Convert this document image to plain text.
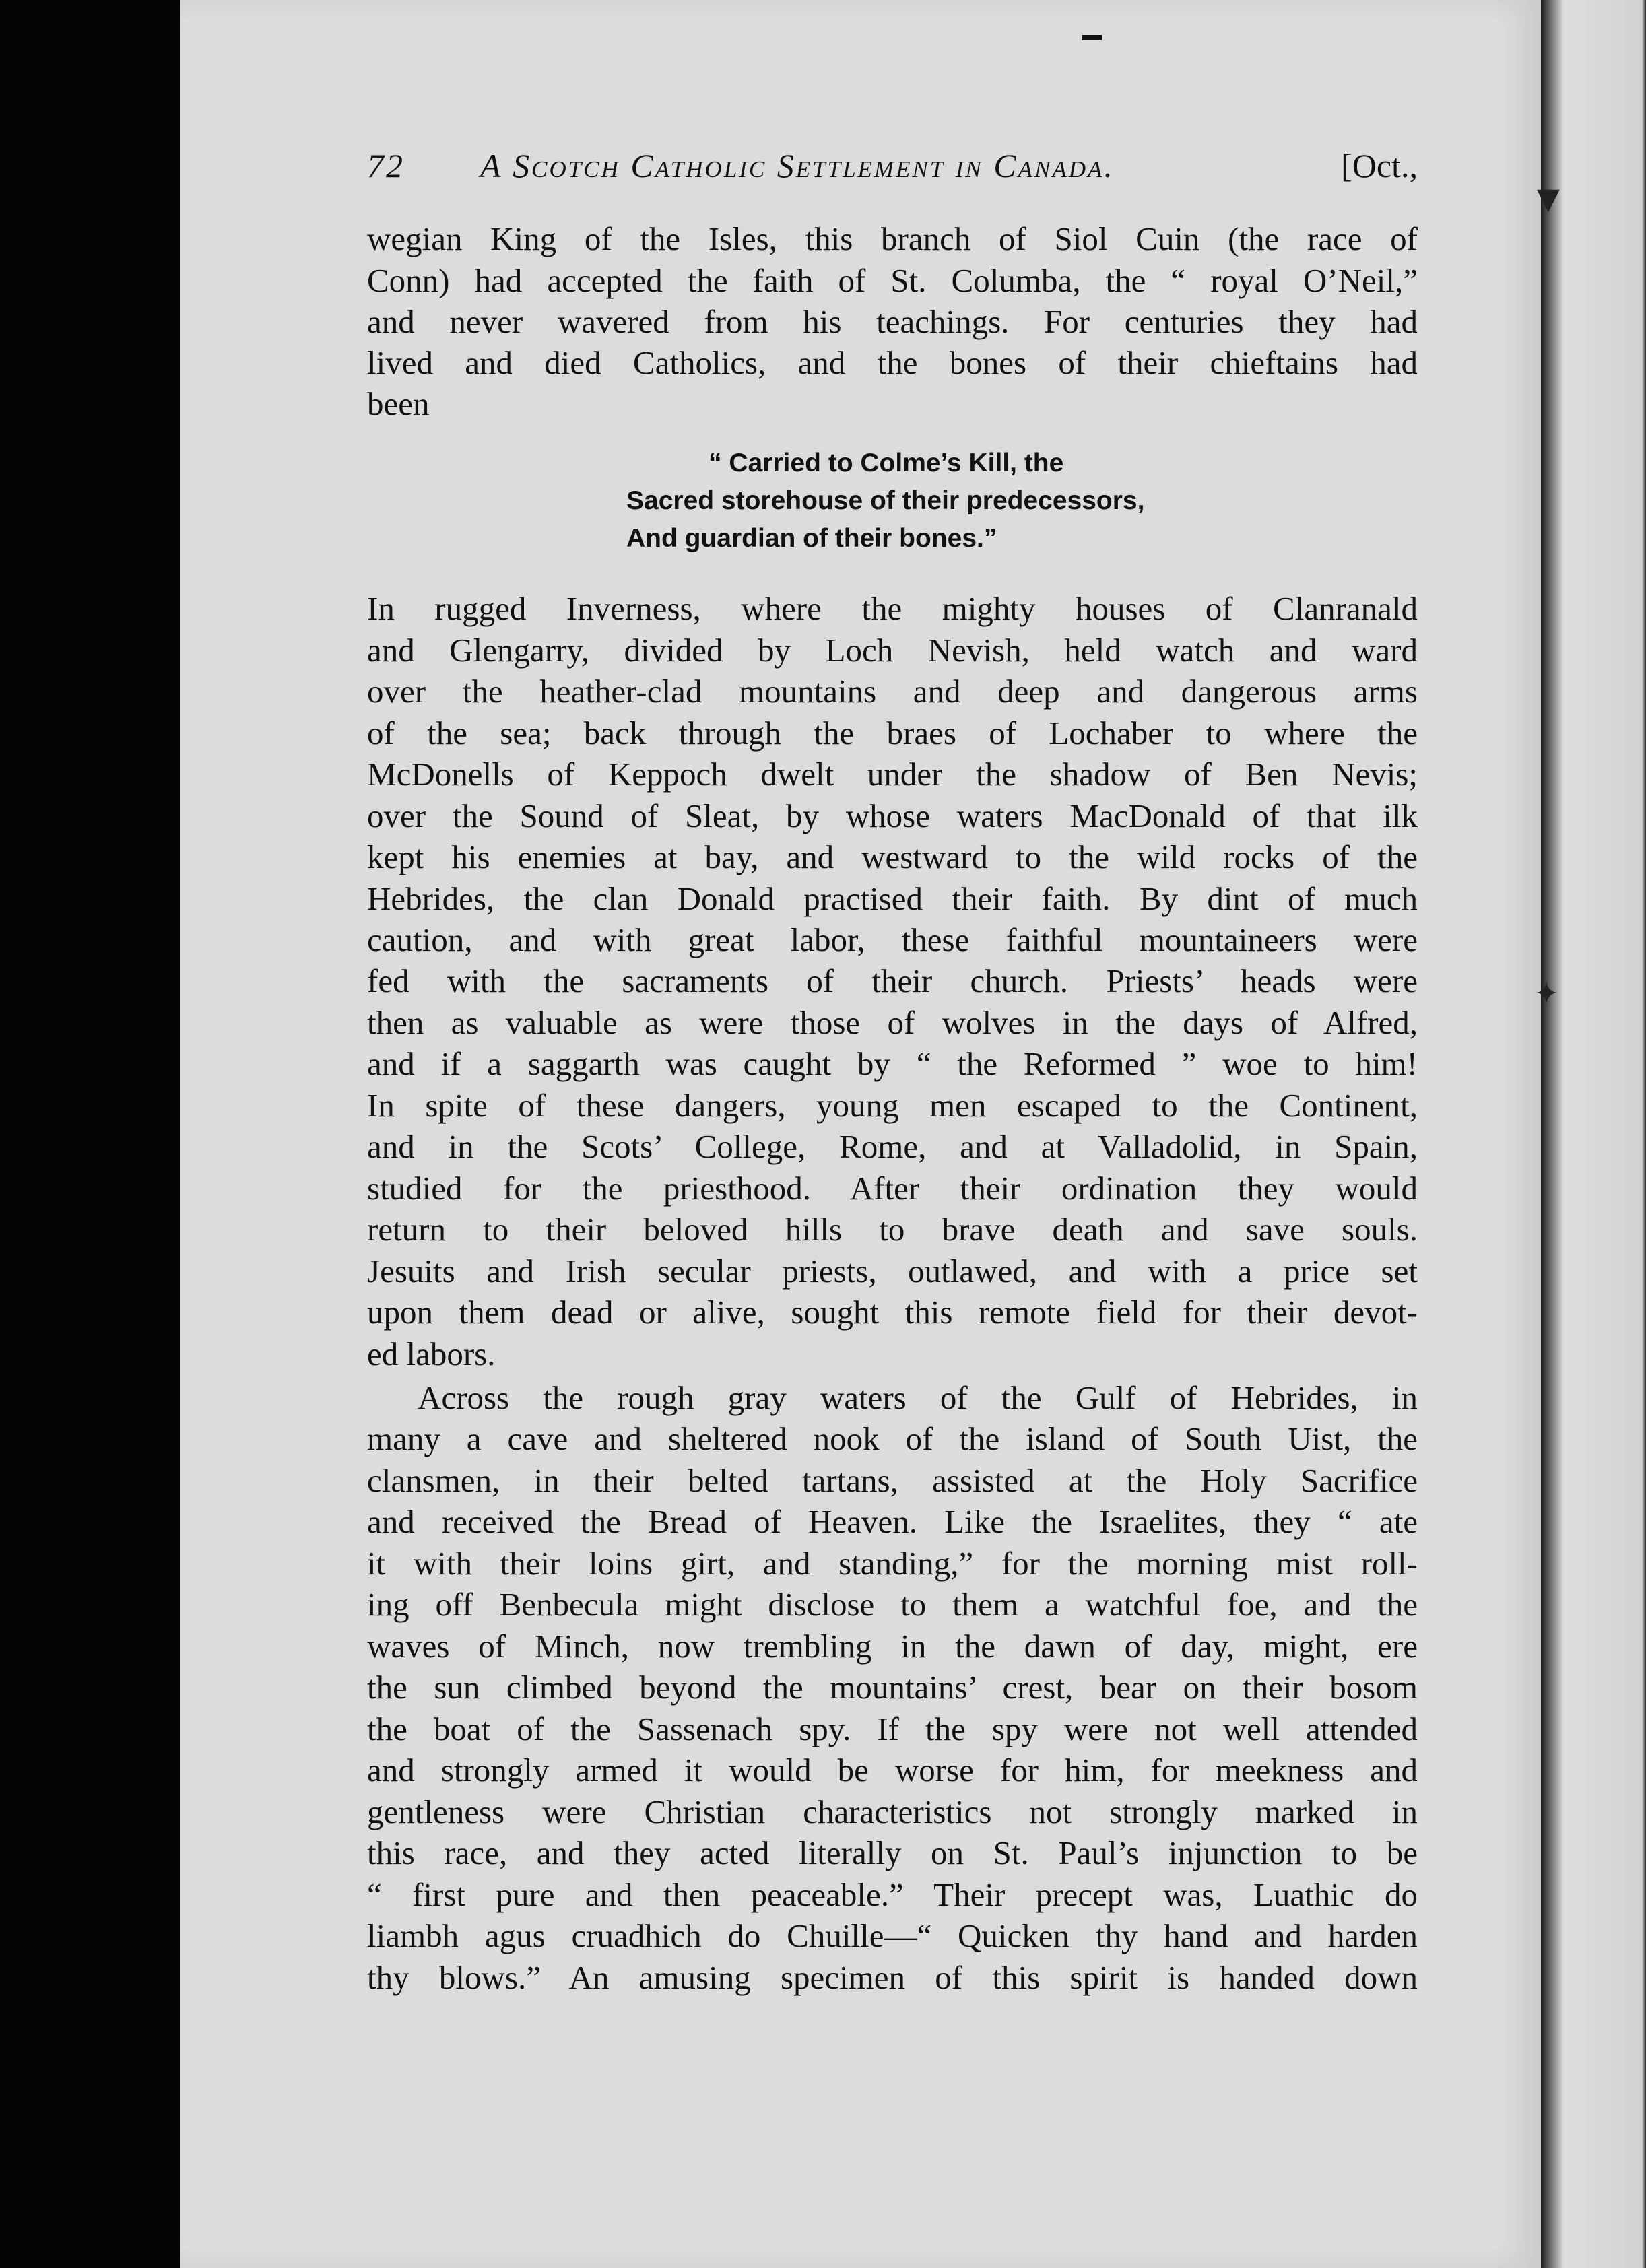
▼
✦
72 A Scotch Catholic Settlement in Canada.	[Oct.,
wegian King of the Isles, this branch of Siol Cuin (the race of
Conn) had accepted the faith of St. Columba, the “ royal O’Neil,”
and never wavered from his teachings. For centuries they had
lived and died Catholics, and the bones of their chieftains had
been
“ Carried to Colme’s Kill, the
Sacred storehouse of their predecessors,
And guardian of their bones.”
In rugged Inverness, where the mighty houses of Clanranald
and Glengarry, divided by Loch Nevish, held watch and ward
over the heather-clad mountains and deep and dangerous arms
of the sea; back through the braes of Lochaber to where the
McDonells of Keppoch dwelt under the shadow of Ben Nevis;
over the Sound of Sleat, by whose waters MacDonald of that ilk
kept his enemies at bay, and westward to the wild rocks of the
Hebrides, the clan Donald practised their faith. By dint of much
caution, and with great labor, these faithful mountaineers were
fed with the sacraments of their church. Priests’ heads were
then as valuable as were those of wolves in the days of Alfred,
and if a saggarth was caught by “ the Reformed ” woe to him!
In spite of these dangers, young men escaped to the Continent,
and in the Scots’ College, Rome, and at Valladolid, in Spain,
studied for the priesthood. After their ordination they would
return to their beloved hills to brave death and save souls.
Jesuits and Irish secular priests, outlawed, and with a price set
upon them dead or alive, sought this remote field for their devot-
ed labors.
Across the rough gray waters of the Gulf of Hebrides, in
many a cave and sheltered nook of the island of South Uist, the
clansmen, in their belted tartans, assisted at the Holy Sacrifice
and received the Bread of Heaven. Like the Israelites, they “ ate
it with their loins girt, and standing,” for the morning mist roll-
ing off Benbecula might disclose to them a watchful foe, and the
waves of Minch, now trembling in the dawn of day, might, ere
the sun climbed beyond the mountains’ crest, bear on their bosom
the boat of the Sassenach spy. If the spy were not well attended
and strongly armed it would be worse for him, for meekness and
gentleness were Christian characteristics not strongly marked in
this race, and they acted literally on St. Paul’s injunction to be
“ first pure and then peaceable.” Their precept was, Luathic do
liambh agus cruadhich do Chuille—“ Quicken thy hand and harden
thy blows.” An amusing specimen of this spirit is handed down
